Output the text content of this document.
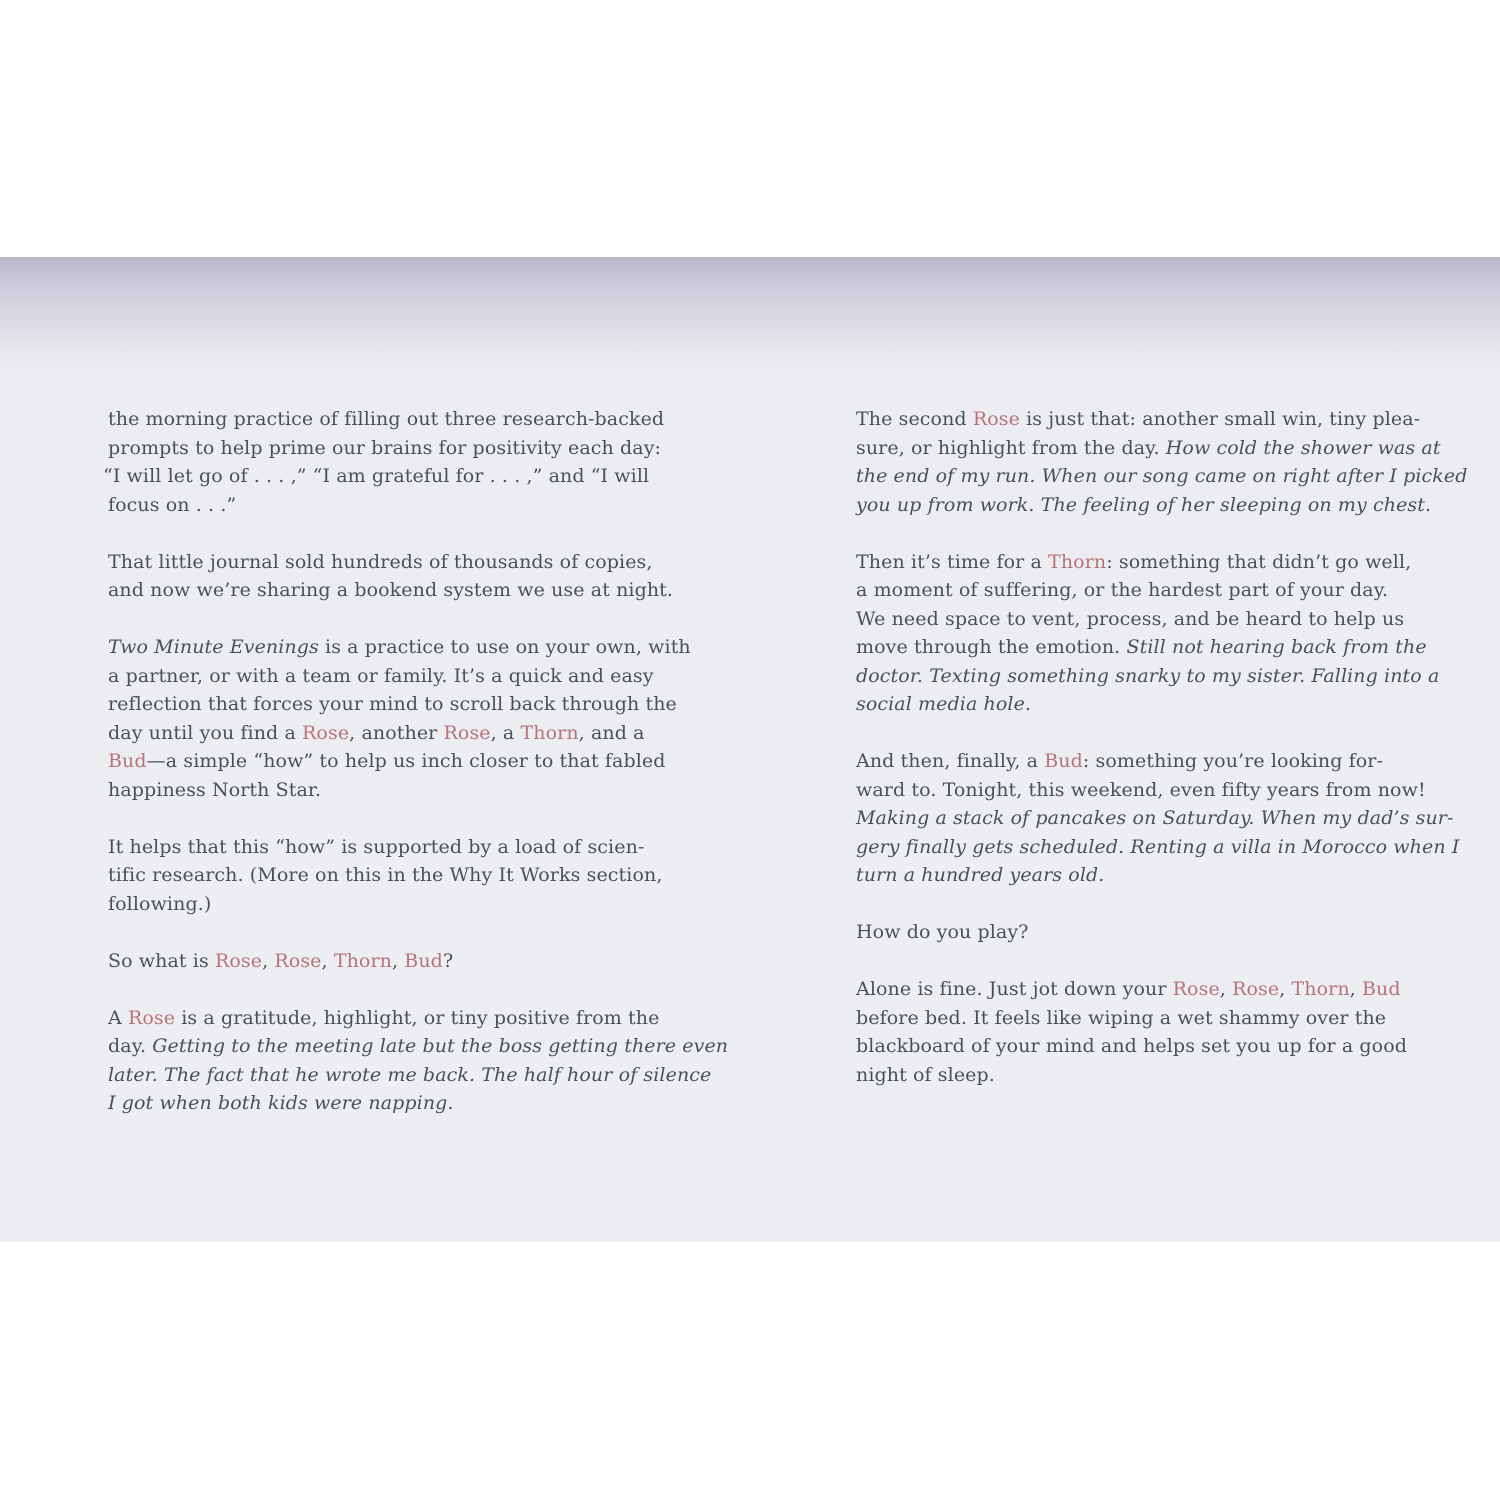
the morning practice of filling out three research-backed
prompts to help prime our brains for positivity each day:
“I will let go of . . . ,” “I am grateful for . . . ,” and “I will
focus on . . .”

That little journal sold hundreds of thousands of copies,
and now we’re sharing a bookend system we use at night.

Two Minute Evenings is a practice to use on your own, with
a partner, or with a team or family. It’s a quick and easy
reflection that forces your mind to scroll back through the
day until you find a Rose, another Rose, a Thorn, and a
Bud—a simple “how” to help us inch closer to that fabled
happiness North Star.

It helps that this “how” is supported by a load of scien-
tific research. (More on this in the Why It Works section,
following.)

So what is Rose, Rose, Thorn, Bud?

A Rose is a gratitude, highlight, or tiny positive from the
day. Getting to the meeting late but the boss getting there even
later. The fact that he wrote me back. The half hour of silence
I got when both kids were napping.

The second Rose is just that: another small win, tiny plea-
sure, or highlight from the day. How cold the shower was at
the end of my run. When our song came on right after I picked
you up from work. The feeling of her sleeping on my chest.

Then it’s time for a Thorn: something that didn’t go well,
a moment of suffering, or the hardest part of your day.
We need space to vent, process, and be heard to help us
move through the emotion. Still not hearing back from the
doctor. Texting something snarky to my sister. Falling into a
social media hole.

And then, finally, a Bud: something you’re looking for-
ward to. Tonight, this weekend, even fifty years from now!
Making a stack of pancakes on Saturday. When my dad’s sur-
gery finally gets scheduled. Renting a villa in Morocco when I
turn a hundred years old.

How do you play?

Alone is fine. Just jot down your Rose, Rose, Thorn, Bud
before bed. It feels like wiping a wet shammy over the
blackboard of your mind and helps set you up for a good
night of sleep.
